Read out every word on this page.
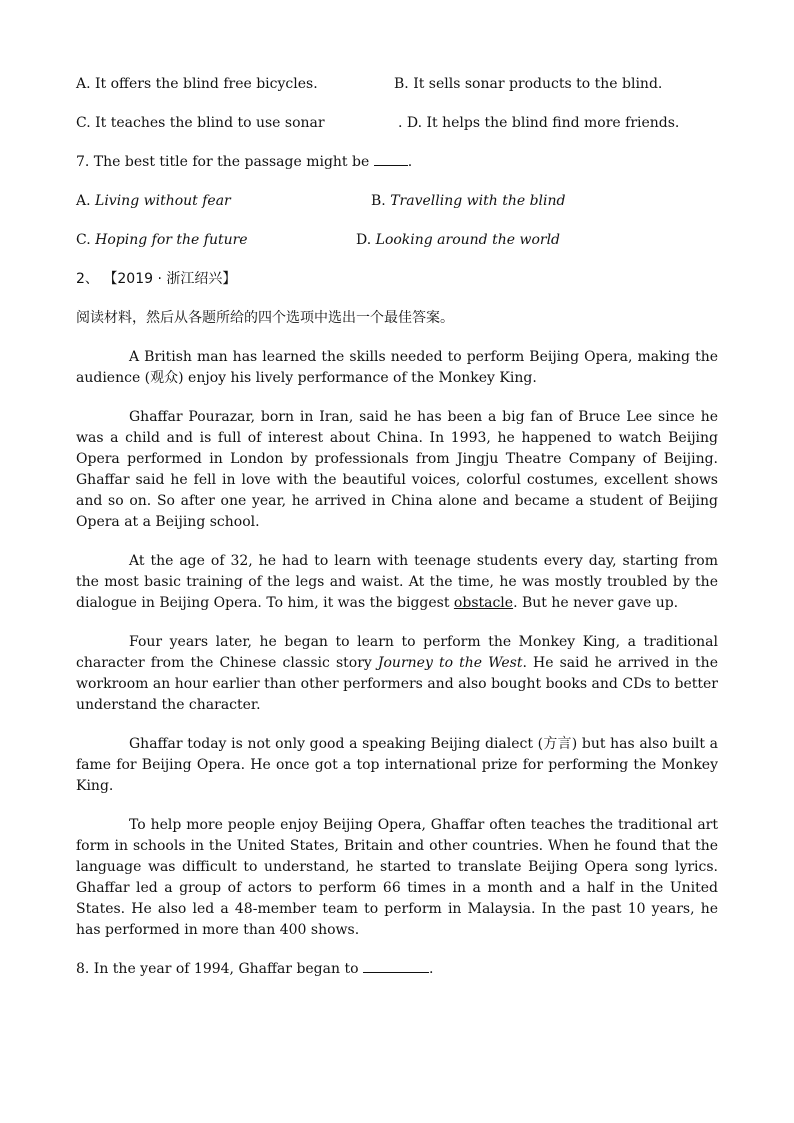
A. It offers the blind free bicycles.	B. It sells sonar products to the blind.
C. It teaches the blind to use sonar	. D. It helps the blind find more friends.

7. The best title for the passage might be .

A. Living without fear	B. Travelling with the blind
C. Hoping for the future	D. Looking around the world

2、 【2019 · 浙江绍兴】

阅读材料，然后从各题所给的四个选项中选出一个最佳答案。

A British man has learned the skills needed to perform Beijing Opera, making the audience (观众) enjoy his lively performance of the Monkey King.

Ghaffar Pourazar, born in Iran, said he has been a big fan of Bruce Lee since he was a child and is full of interest about China. In 1993, he happened to watch Beijing Opera performed in London by professionals from Jingju Theatre Company of Beijing. Ghaffar said he fell in love with the beautiful voices, colorful costumes, excellent shows and so on. So after one year, he arrived in China alone and became a student of Beijing Opera at a Beijing school.

At the age of 32, he had to learn with teenage students every day, starting from the most basic training of the legs and waist. At the time, he was mostly troubled by the dialogue in Beijing Opera. To him, it was the biggest obstacle. But he never gave up.

Four years later, he began to learn to perform the Monkey King, a traditional character from the Chinese classic story Journey to the West. He said he arrived in the workroom an hour earlier than other performers and also bought books and CDs to better understand the character.

Ghaffar today is not only good a speaking Beijing dialect (方言) but has also built a fame for Beijing Opera. He once got a top international prize for performing the Monkey King.

To help more people enjoy Beijing Opera, Ghaffar often teaches the traditional art form in schools in the United States, Britain and other countries. When he found that the language was difficult to understand, he started to translate Beijing Opera song lyrics. Ghaffar led a group of actors to perform 66 times in a month and a half in the United States. He also led a 48-member team to perform in Malaysia. In the past 10 years, he has performed in more than 400 shows.

8. In the year of 1994, Ghaffar began to	.
